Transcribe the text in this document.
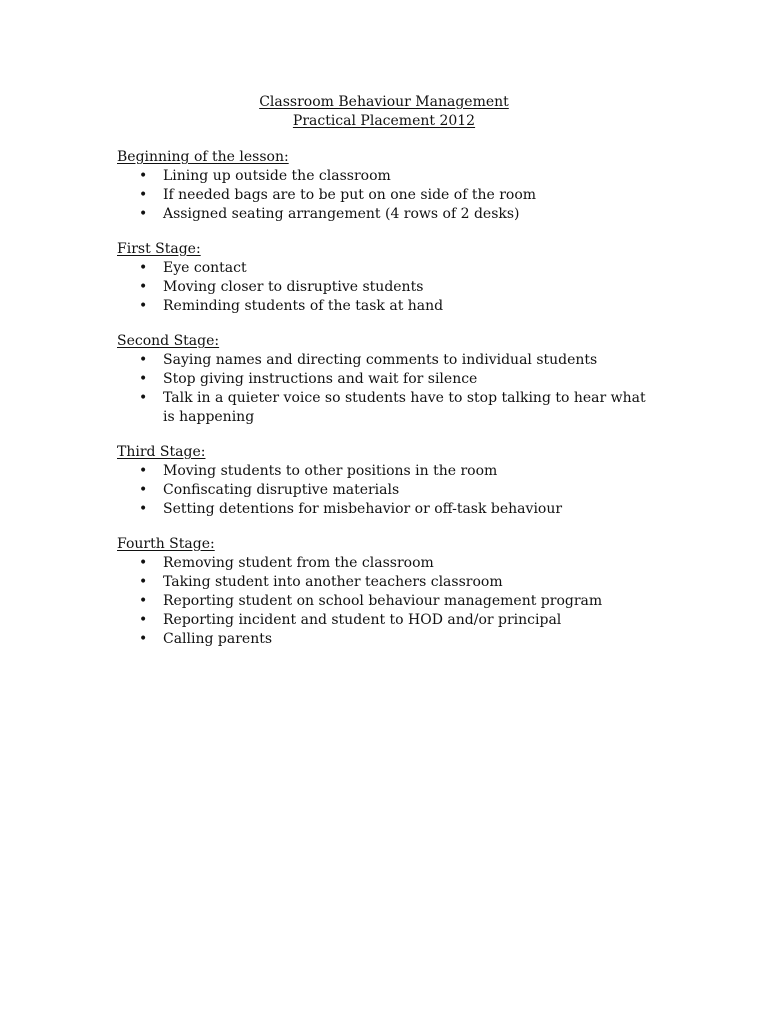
Classroom Behaviour Management
Practical Placement 2012
Beginning of the lesson:
• Lining up outside the classroom
• If needed bags are to be put on one side of the room
• Assigned seating arrangement (4 rows of 2 desks)
First Stage:
• Eye contact
• Moving closer to disruptive students
• Reminding students of the task at hand
Second Stage:
• Saying names and directing comments to individual students
• Stop giving instructions and wait for silence
• Talk in a quieter voice so students have to stop talking to hear what is happening
Third Stage:
• Moving students to other positions in the room
• Confiscating disruptive materials
• Setting detentions for misbehavior or off-task behaviour
Fourth Stage:
• Removing student from the classroom
• Taking student into another teachers classroom
• Reporting student on school behaviour management program
• Reporting incident and student to HOD and/or principal
• Calling parents
